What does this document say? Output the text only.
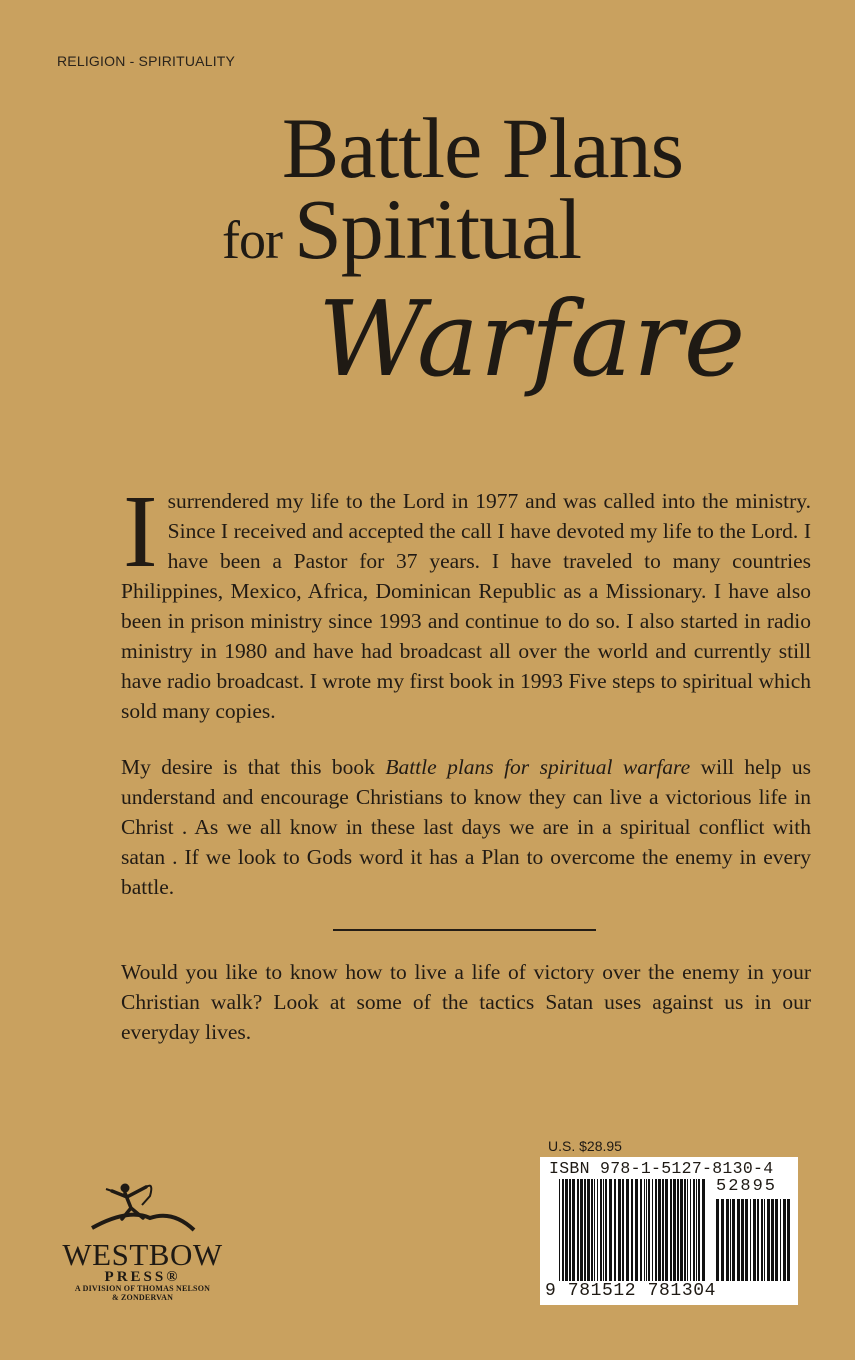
RELIGION - SPIRITUALITY
Battle Plans
for Spiritual
Warfare
Isurrendered my life to the Lord in 1977 and was called into the ministry. Since I received and accepted the call I have devoted my life to the Lord. I have been a Pastor for 37 years. I have traveled to many countries Philippines, Mexico, Africa, Dominican Republic as a Missionary. I have also been in prison ministry since 1993 and continue to do so. I also started in radio ministry in 1980 and have had broadcast all over the world and currently still have radio broadcast. I wrote my first book in 1993 Five steps to spiritual which sold many copies.
My desire is that this book Battle plans for spiritual warfare will help us understand and encourage Christians to know they can live a victorious life in Christ . As we all know in these last days we are in a spiritual conflict with satan . If we look to Gods word it has a Plan to overcome the enemy in every battle.
Would you like to know how to live a life of victory over the enemy in your Christian walk? Look at some of the tactics Satan uses against us in our everyday lives.
WESTBOW
PRESS®
A DIVISION OF THOMAS NELSON
& ZONDERVAN
U.S. $28.95
ISBN 978-1-5127-8130-4
52895
9 781512 781304
